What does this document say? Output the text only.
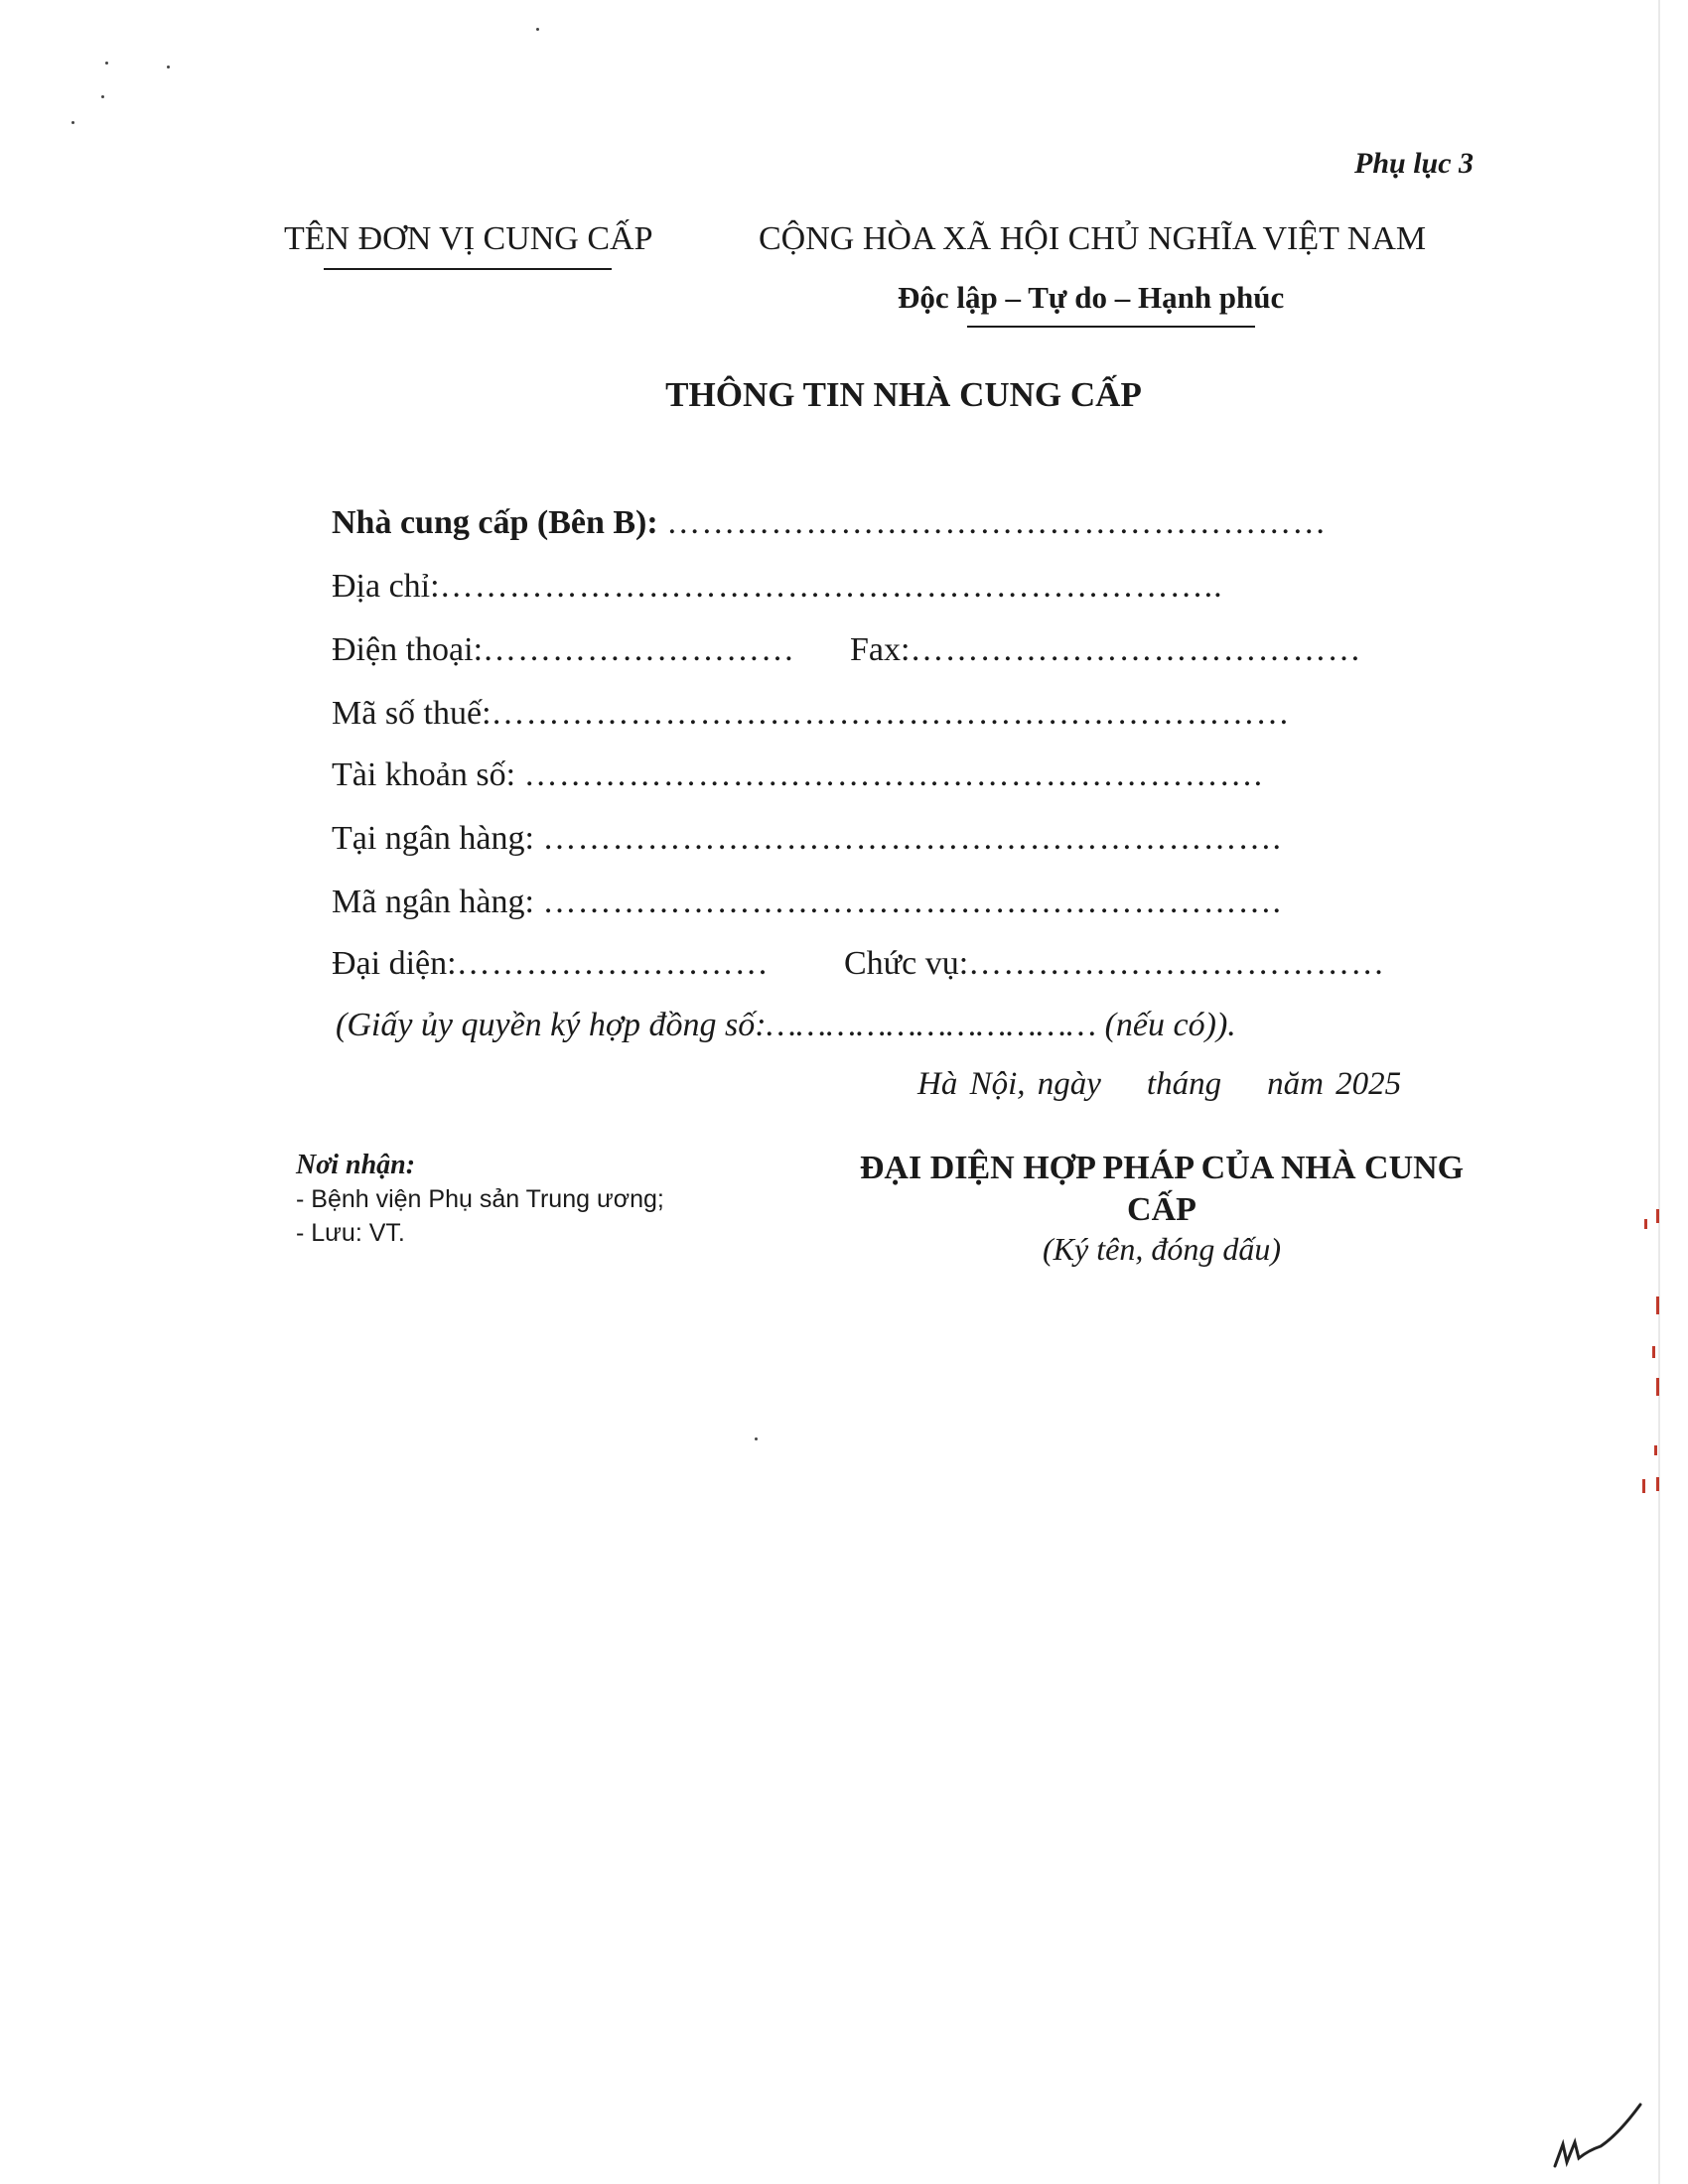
Phụ lục 3
TÊN ĐƠN VỊ CUNG CẤP	CỘNG HÒA XÃ HỘI CHỦ NGHĨA VIỆT NAM
Độc lập – Tự do – Hạnh phúc
THÔNG TIN NHÀ CUNG CẤP
Nhà cung cấp (Bên B): …………………………………………………
Địa chỉ:…………………………………………………………..
Điện thoại:……………………… Fax:…………………………………
Mã số thuế:……………………………………………………………
Tài khoản số: ……………………………………………………….
Tại ngân hàng: ……………………………………………………….
Mã ngân hàng: ……………………………………………………….
Đại diện:……………………… Chức vụ:………………………………
(Giấy ủy quyền ký hợp đồng số:…………………………… (nếu có)).
Hà Nội, ngày tháng năm 2025
Nơi nhận:
- Bệnh viện Phụ sản Trung ương;
- Lưu: VT.
ĐẠI DIỆN HỢP PHÁP CỦA NHÀ CUNG CẤP
(Ký tên, đóng dấu)
